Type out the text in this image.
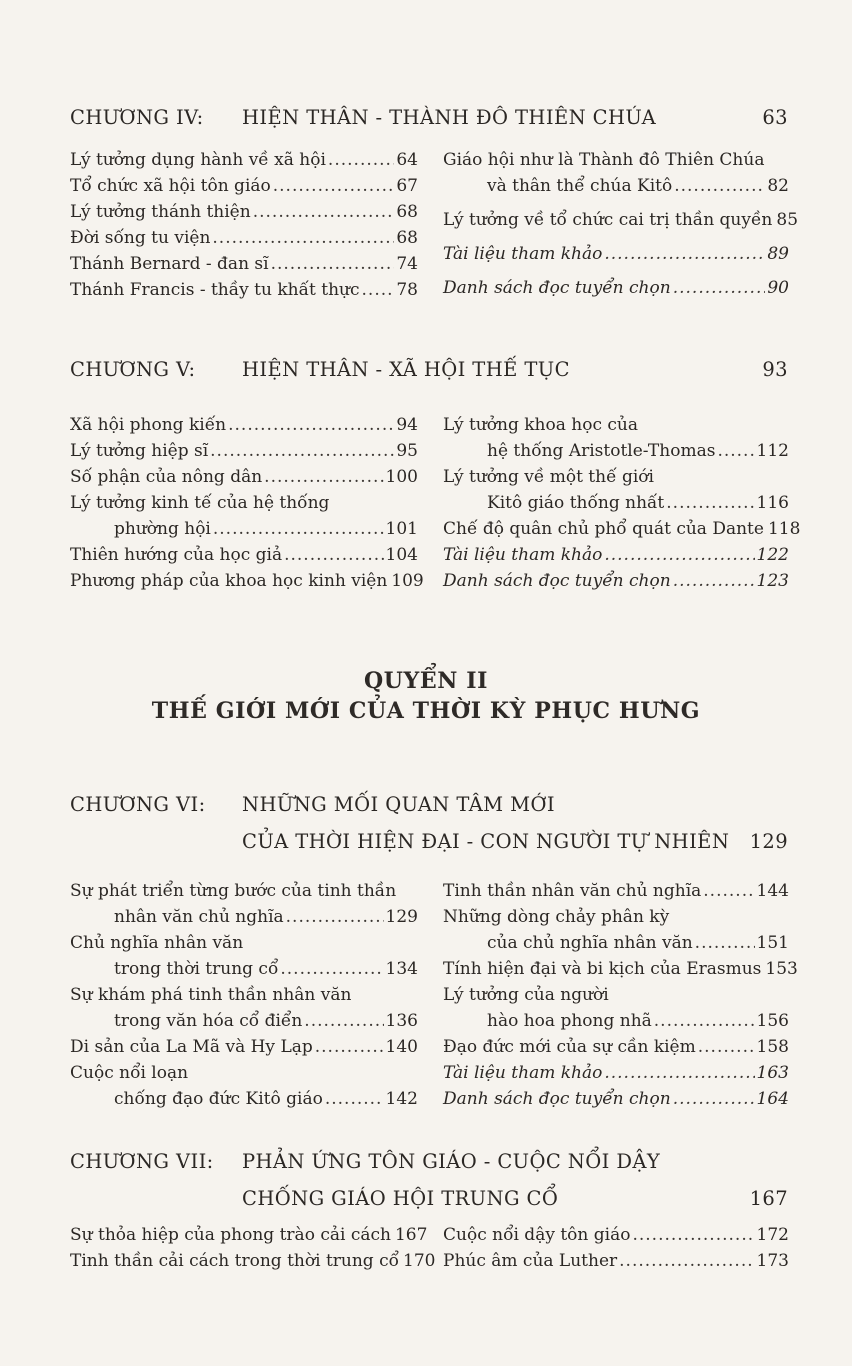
CHƯƠNG IV: HIỆN THÂN - THÀNH ĐÔ THIÊN CHÚA	63
Lý tưởng dụng hành về xã hội .....	64
Tổ chức xã hội tôn giáo .....	67
Lý tưởng thánh thiện .....	68
Đời sống tu viện .....	68
Thánh Bernard - đan sĩ .....	74
Thánh Francis - thầy tu khất thực ..... 78
Giáo hội như là Thành đô Thiên Chúa
và thân thể chúa Kitô .....	82
Lý tưởng về tổ chức cai trị thần quyền 85
Tài liệu tham khảo .....	89
Danh sách đọc tuyển chọn .....	90
CHƯƠNG V: HIỆN THÂN - XÃ HỘI THẾ TỤC	93
Xã hội phong kiến .....	94
Lý tưởng hiệp sĩ .....	95
Số phận của nông dân .....	100
Lý tưởng kinh tế của hệ thống
phường hội .....	101
Thiên hướng của học giả .....	104
Phương pháp của khoa học kinh viện 109
Lý tưởng khoa học của
hệ thống Aristotle-Thomas ..... 112
Lý tưởng về một thế giới
Kitô giáo thống nhất .....	116
Chế độ quân chủ phổ quát của Dante 118
Tài liệu tham khảo .....	122
Danh sách đọc tuyển chọn .....	123
QUYỂN II
THẾ GIỚI MỚI CỦA THỜI KỲ PHỤC HƯNG
CHƯƠNG VI: NHỮNG MỐI QUAN TÂM MỚI
CỦA THỜI HIỆN ĐẠI - CON NGƯỜI TỰ NHIÊN 129
Sự phát triển từng bước của tinh thần
nhân văn chủ nghĩa .....	129
Chủ nghĩa nhân văn
trong thời trung cổ .....	134
Sự khám phá tinh thần nhân văn
trong văn hóa cổ điển .....	136
Di sản của La Mã và Hy Lạp .....	140
Cuộc nổi loạn
chống đạo đức Kitô giáo .....	142
Tinh thần nhân văn chủ nghĩa .....	144
Những dòng chảy phân kỳ
của chủ nghĩa nhân văn .....	151
Tính hiện đại và bi kịch của Erasmus 153
Lý tưởng của người
hào hoa phong nhã .....	156
Đạo đức mới của sự cần kiệm .....	158
Tài liệu tham khảo .....	163
Danh sách đọc tuyển chọn .....	164
CHƯƠNG VII: PHẢN ỨNG TÔN GIÁO - CUỘC NỔI DẬY
CHỐNG GIÁO HỘI TRUNG CỔ	167
Sự thỏa hiệp của phong trào cải cách 167
Tinh thần cải cách trong thời trung cổ 170
Cuộc nổi dậy tôn giáo .....	172
Phúc âm của Luther .....	173
